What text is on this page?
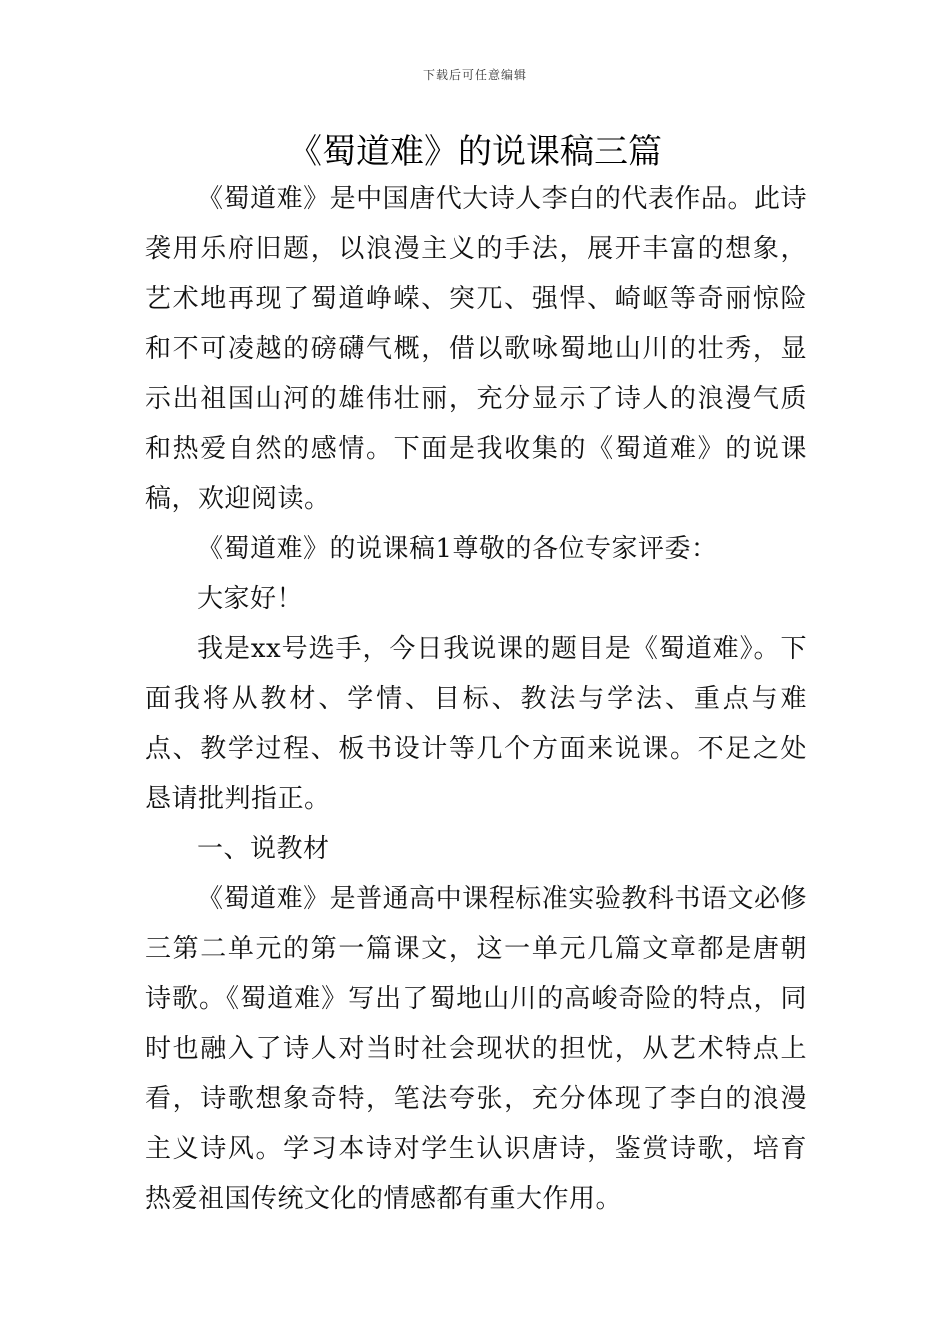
下载后可任意编辑
《蜀道难》的说课稿三篇

《蜀道难》是中国唐代大诗人李白的代表作品。此诗袭用乐府旧题，以浪漫主义的手法，展开丰富的想象，艺术地再现了蜀道峥嵘、突兀、强悍、崎岖等奇丽惊险和不可凌越的磅礴气概，借以歌咏蜀地山川的壮秀，显示出祖国山河的雄伟壮丽，充分显示了诗人的浪漫气质和热爱自然的感情。下面是我收集的《蜀道难》的说课稿，欢迎阅读。

《蜀道难》的说课稿1尊敬的各位专家评委：

大家好！

我是xx号选手，今日我说课的题目是《蜀道难》。下面我将从教材、学情、目标、教法与学法、重点与难点、教学过程、板书设计等几个方面来说课。不足之处恳请批判指正。

一、说教材

《蜀道难》是普通高中课程标准实验教科书语文必修三第二单元的第一篇课文，这一单元几篇文章都是唐朝诗歌。《蜀道难》写出了蜀地山川的高峻奇险的特点，同时也融入了诗人对当时社会现状的担忧，从艺术特点上看，诗歌想象奇特，笔法夸张，充分体现了李白的浪漫主义诗风。学习本诗对学生认识唐诗，鉴赏诗歌，培育热爱祖国传统文化的情感都有重大作用。
